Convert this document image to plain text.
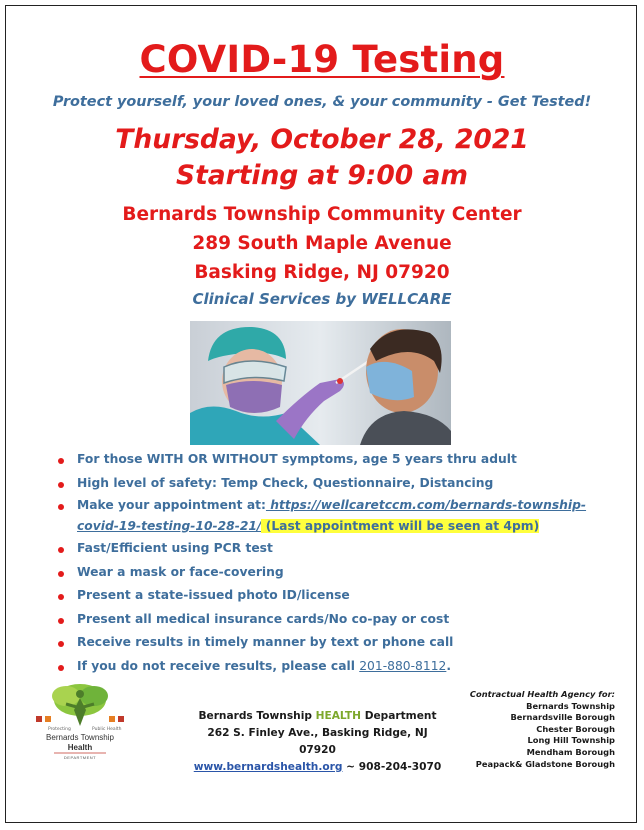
COVID-19 Testing
Protect yourself, your loved ones, & your community - Get Tested!
Thursday, October 28, 2021
Starting at 9:00 am
Bernards Township Community Center
289 South Maple Avenue
Basking Ridge, NJ 07920
Clinical Services by WELLCARE
For those WITH OR WITHOUT symptoms, age 5 years thru adult
High level of safety: Temp Check, Questionnaire, Distancing
Make your appointment at: https://wellcaretccm.com/bernards-township-covid-19-testing-10-28-21/ (Last appointment will be seen at 4pm)
Fast/Efficient using PCR test
Wear a mask or face-covering
Present a state-issued photo ID/license
Present all medical insurance cards/No co-pay or cost
Receive results in timely manner by text or phone call
If you do not receive results, please call 201-880-8112.
Protecting	Public Health
Bernards Township
Health
DEPARTMENT
Bernards Township HEALTH Department
262 S. Finley Ave., Basking Ridge, NJ 07920
www.bernardshealth.org ~ 908-204-3070
Contractual Health Agency for:
Bernards Township
Bernardsville Borough
Chester Borough
Long Hill Township
Mendham Borough
Peapack& Gladstone Borough
